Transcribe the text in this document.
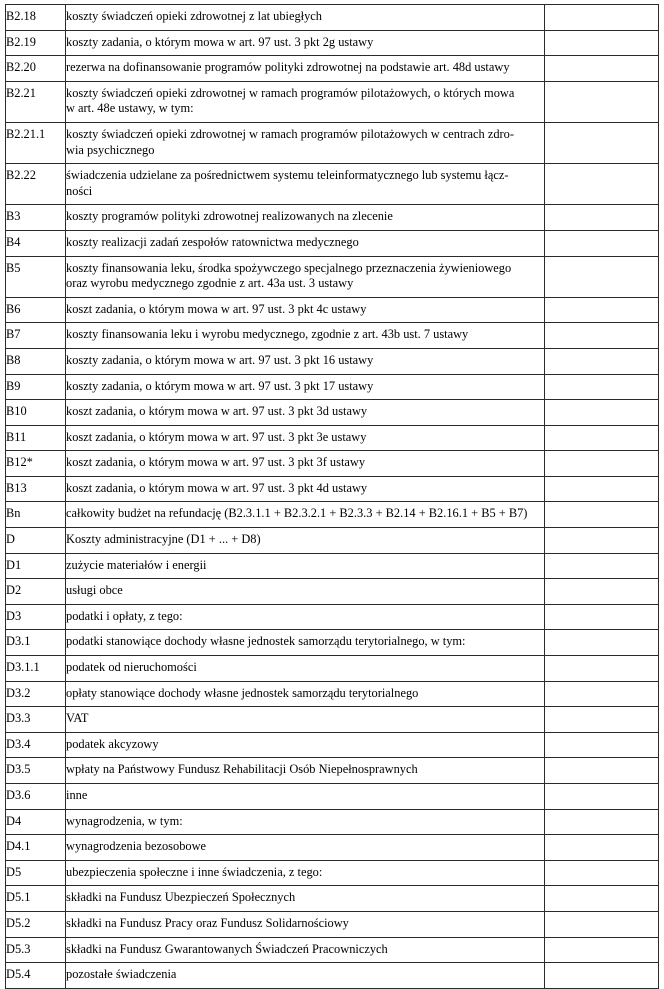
B2.18	koszty świadczeń opieki zdrowotnej z lat ubiegłych	

B2.19	koszty zadania, o którym mowa w art. 97 ust. 3 pkt 2g ustawy	

B2.20	rezerwa na dofinansowanie programów polityki zdrowotnej na podstawie art. 48d ustawy	

B2.21	koszty świadczeń opieki zdrowotnej w ramach programów pilotażowych, o których mowa
w art. 48e ustawy, w tym:	

B2.21.1	koszty świadczeń opieki zdrowotnej w ramach programów pilotażowych w centrach zdro-
wia psychicznego	

B2.22	świadczenia udzielane za pośrednictwem systemu teleinformatycznego lub systemu łącz-
ności	

B3	koszty programów polityki zdrowotnej realizowanych na zlecenie	

B4	koszty realizacji zadań zespołów ratownictwa medycznego	

B5	koszty finansowania leku, środka spożywczego specjalnego przeznaczenia żywieniowego
oraz wyrobu medycznego zgodnie z art. 43a ust. 3 ustawy	

B6	koszt zadania, o którym mowa w art. 97 ust. 3 pkt 4c ustawy	

B7	koszty finansowania leku i wyrobu medycznego, zgodnie z art. 43b ust. 7 ustawy	

B8	koszty zadania, o którym mowa w art. 97 ust. 3 pkt 16 ustawy	

B9	koszty zadania, o którym mowa w art. 97 ust. 3 pkt 17 ustawy	

B10	koszt zadania, o którym mowa w art. 97 ust. 3 pkt 3d ustawy	

B11	koszt zadania, o którym mowa w art. 97 ust. 3 pkt 3e ustawy	

B12*	koszt zadania, o którym mowa w art. 97 ust. 3 pkt 3f ustawy	

B13	koszt zadania, o którym mowa w art. 97 ust. 3 pkt 4d ustawy	

Bn	całkowity budżet na refundację (B2.3.1.1 + B2.3.2.1 + B2.3.3 + B2.14 + B2.16.1 + B5 + B7)	

D	Koszty administracyjne (D1 + ... + D8)	

D1	zużycie materiałów i energii	

D2	usługi obce	

D3	podatki i opłaty, z tego:	

D3.1	podatki stanowiące dochody własne jednostek samorządu terytorialnego, w tym:	

D3.1.1	podatek od nieruchomości	

D3.2	opłaty stanowiące dochody własne jednostek samorządu terytorialnego	

D3.3	VAT	

D3.4	podatek akcyzowy	

D3.5	wpłaty na Państwowy Fundusz Rehabilitacji Osób Niepełnosprawnych	

D3.6	inne	

D4	wynagrodzenia, w tym:	

D4.1	wynagrodzenia bezosobowe	

D5	ubezpieczenia społeczne i inne świadczenia, z tego:	

D5.1	składki na Fundusz Ubezpieczeń Społecznych	

D5.2	składki na Fundusz Pracy oraz Fundusz Solidarnościowy	

D5.3	składki na Fundusz Gwarantowanych Świadczeń Pracowniczych	

D5.4	pozostałe świadczenia	
